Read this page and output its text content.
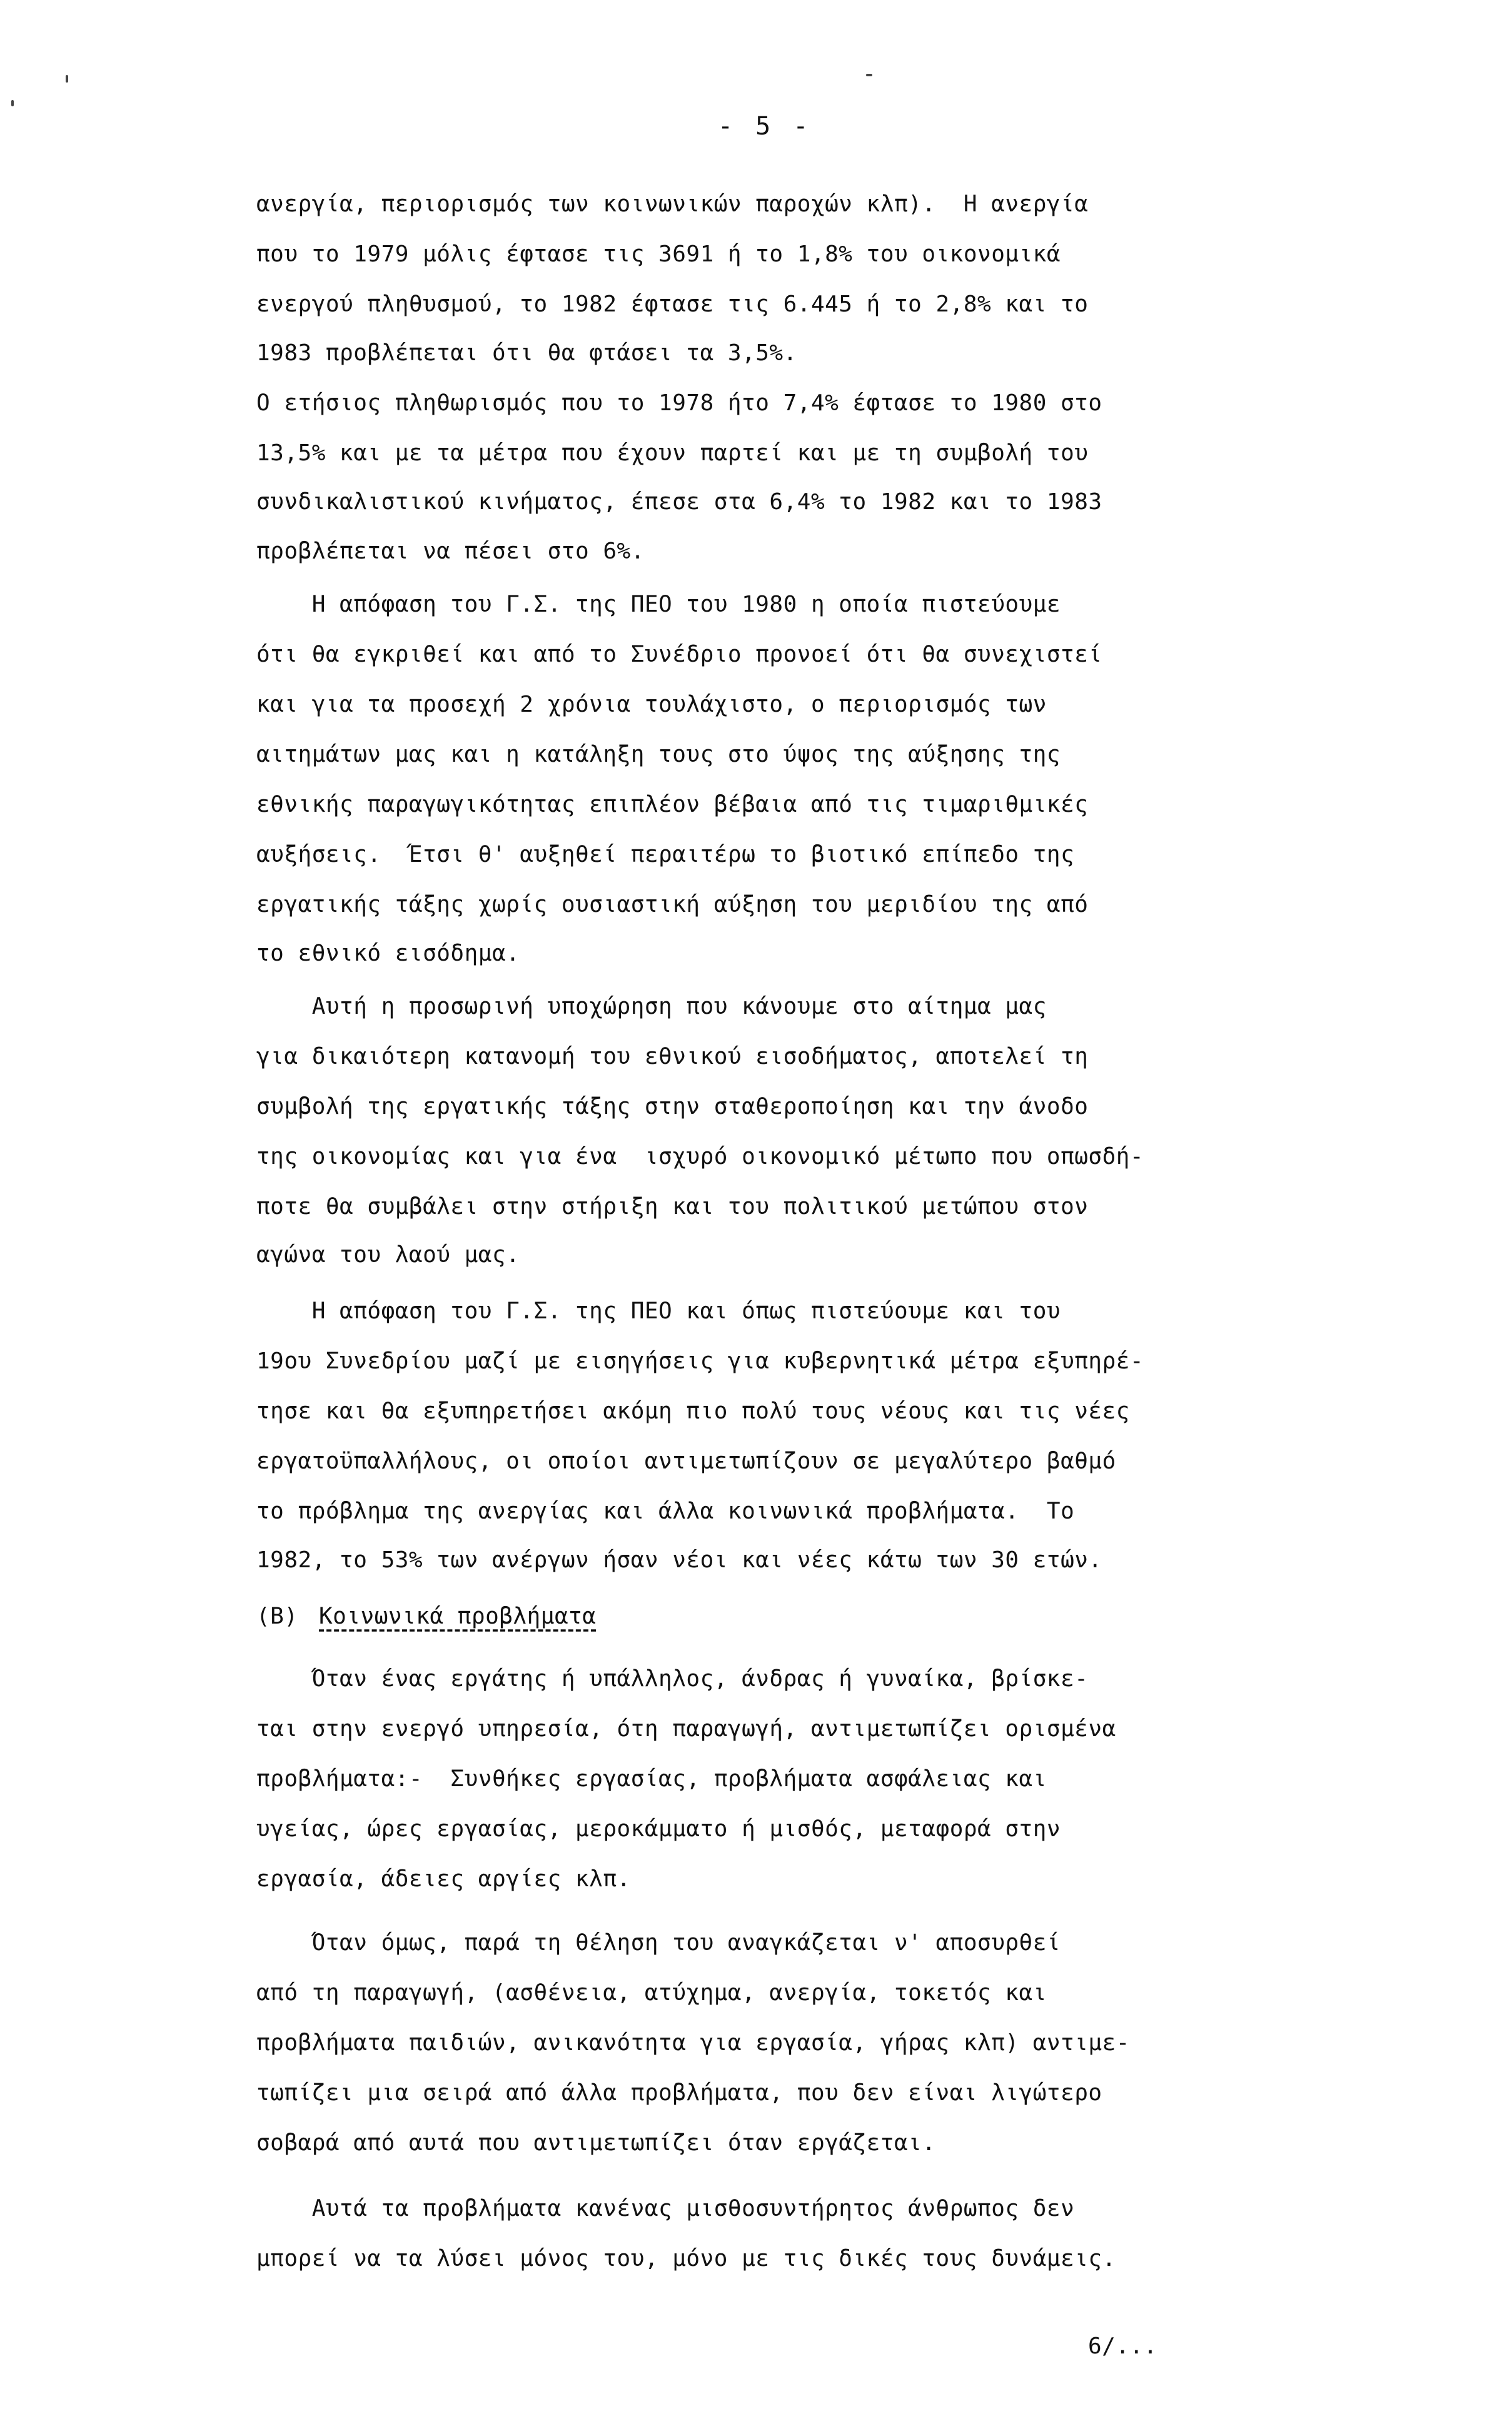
- 5 -
ανεργία, περιορισμός των κοινωνικών παροχών κλπ).  Η ανεργία
που το 1979 μόλις έφτασε τις 3691 ή το 1,8% του οικονομικά
ενεργού πληθυσμού, το 1982 έφτασε τις 6.445 ή το 2,8% και το
1983 προβλέπεται ότι θα φτάσει τα 3,5%.
Ο ετήσιος πληθωρισμός που το 1978 ήτο 7,4% έφτασε το 1980 στο
13,5% και με τα μέτρα που έχουν παρτεί και με τη συμβολή του
συνδικαλιστικού κινήματος, έπεσε στα 6,4% το 1982 και το 1983
προβλέπεται να πέσει στο 6%.
Η απόφαση του Γ.Σ. της ΠΕΟ του 1980 η οποία πιστεύουμε
ότι θα εγκριθεί και από το Συνέδριο προνοεί ότι θα συνεχιστεί
και για τα προσεχή 2 χρόνια τουλάχιστο, ο περιορισμός των
αιτημάτων μας και η κατάληξη τους στο ύψος της αύξησης της
εθνικής παραγωγικότητας επιπλέον βέβαια από τις τιμαριθμικές
αυξήσεις.  Έτσι θ' αυξηθεί περαιτέρω το βιοτικό επίπεδο της
εργατικής τάξης χωρίς ουσιαστική αύξηση του μεριδίου της από
το εθνικό εισόδημα.
Αυτή η προσωρινή υποχώρηση που κάνουμε στο αίτημα μας
για δικαιότερη κατανομή του εθνικού εισοδήματος, αποτελεί τη
συμβολή της εργατικής τάξης στην σταθεροποίηση και την άνοδο
της οικονομίας και για ένα  ισχυρό οικονομικό μέτωπο που οπωσδή-
ποτε θα συμβάλει στην στήριξη και του πολιτικού μετώπου στον
αγώνα του λαού μας.
Η απόφαση του Γ.Σ. της ΠΕΟ και όπως πιστεύουμε και του
19ου Συνεδρίου μαζί με εισηγήσεις για κυβερνητικά μέτρα εξυπηρέ-
τησε και θα εξυπηρετήσει ακόμη πιο πολύ τους νέους και τις νέες
εργατοϋπαλλήλους, οι οποίοι αντιμετωπίζουν σε μεγαλύτερο βαθμό
το πρόβλημα της ανεργίας και άλλα κοινωνικά προβλήματα.  Το
1982, το 53% των ανέργων ήσαν νέοι και νέες κάτω των 30 ετών.
(Β) Κοινωνικά προβλήματα
Όταν ένας εργάτης ή υπάλληλος, άνδρας ή γυναίκα, βρίσκε-
ται στην ενεργό υπηρεσία, ότη παραγωγή, αντιμετωπίζει ορισμένα
προβλήματα:-  Συνθήκες εργασίας, προβλήματα ασφάλειας και
υγείας, ώρες εργασίας, μεροκάμματο ή μισθός, μεταφορά στην
εργασία, άδειες αργίες κλπ.
Όταν όμως, παρά τη θέληση του αναγκάζεται ν' αποσυρθεί
από τη παραγωγή, (ασθένεια, ατύχημα, ανεργία, τοκετός και
προβλήματα παιδιών, ανικανότητα για εργασία, γήρας κλπ) αντιμε-
τωπίζει μια σειρά από άλλα προβλήματα, που δεν είναι λιγώτερο
σοβαρά από αυτά που αντιμετωπίζει όταν εργάζεται.
Αυτά τα προβλήματα κανένας μισθοσυντήρητος άνθρωπος δεν
μπορεί να τα λύσει μόνος του, μόνο με τις δικές τους δυνάμεις.
6/...
